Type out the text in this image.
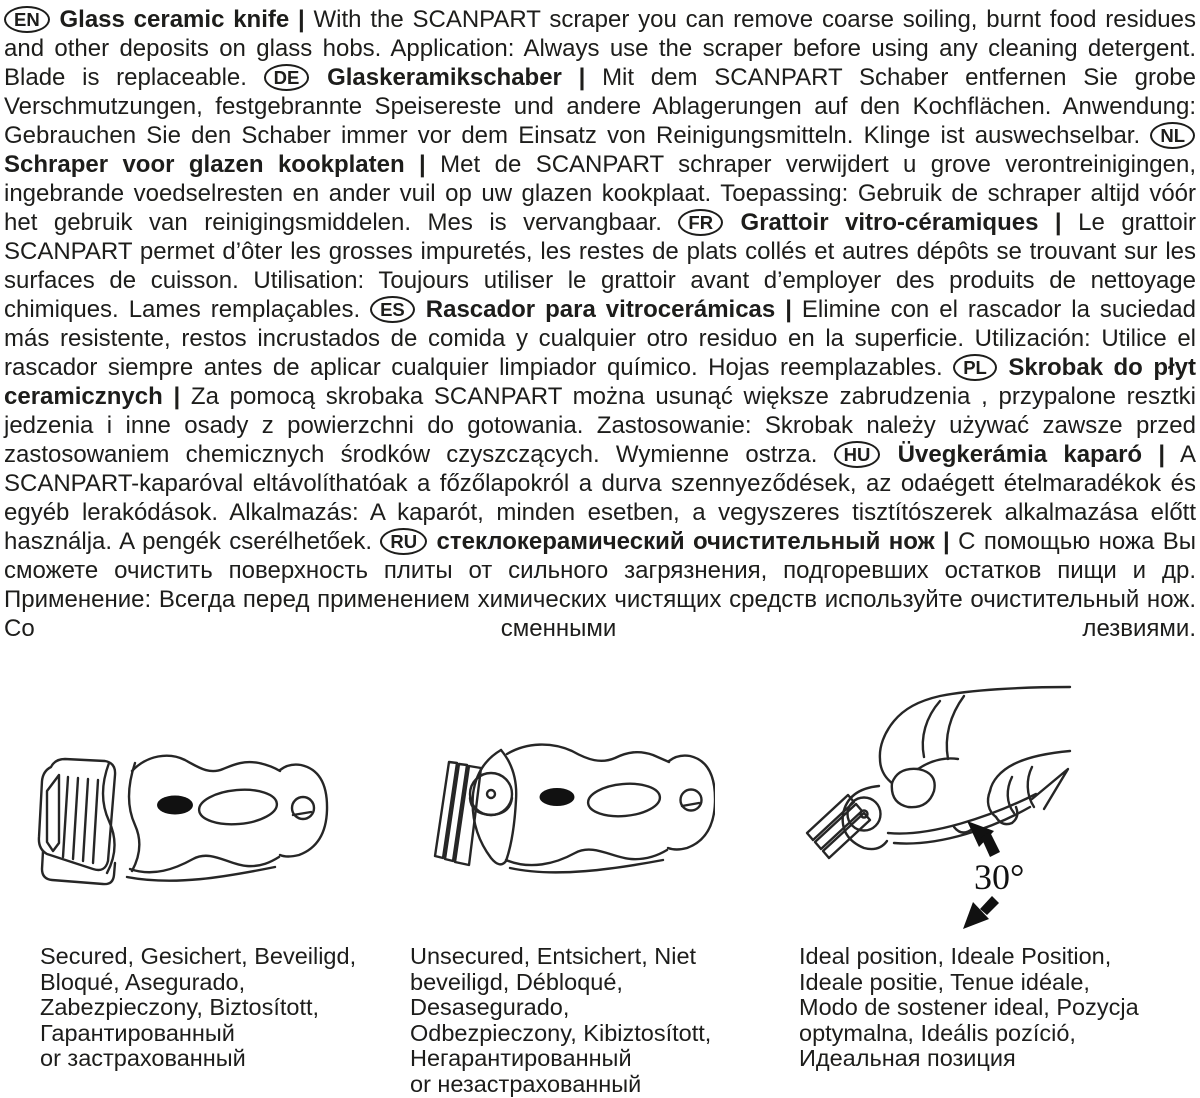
EN Glass ceramic knife | With the SCANPART scraper you can remove coarse soiling, burnt food residues and other deposits on glass hobs. Application: Always use the scraper before using any cleaning detergent. Blade is replaceable. DE Glaskeramikschaber | Mit dem SCANPART Schaber entfernen Sie grobe Verschmutzungen, festgebrannte Speisereste und andere Ablagerungen auf den Kochflächen. Anwendung: Gebrauchen Sie den Schaber immer vor dem Einsatz von Reinigungsmitteln. Klinge ist auswechselbar. NL Schraper voor glazen kookplaten | Met de SCANPART schraper verwijdert u grove verontreinigingen, ingebrande voedselresten en ander vuil op uw glazen kookplaat. Toepassing: Gebruik de schraper altijd vóór het gebruik van reinigingsmiddelen. Mes is vervangbaar. FR Grattoir vitro-céramiques | Le grattoir SCANPART permet d’ôter les grosses impuretés, les restes de plats collés et autres dépôts se trouvant sur les surfaces de cuisson. Utilisation: Toujours utiliser le grattoir avant d’employer des produits de nettoyage chimiques. Lames remplaçables. ES Rascador para vitrocerámicas | Elimine con el rascador la suciedad más resistente, restos incrustados de comida y cualquier otro residuo en la superficie. Utilización: Utilice el rascador siempre antes de aplicar cualquier limpiador químico. Hojas reemplazables. PL Skrobak do płyt ceramicznych | Za pomocą skrobaka SCANPART można usunąć większe zabrudzenia , przypalone resztki jedzenia i inne osady z powierzchni do gotowania. Zastosowanie: Skrobak należy używać zawsze przed zastosowaniem chemicznych środków czyszczących. Wymienne ostrza. HU Üvegkerámia kaparó | A SCANPART-kaparóval eltávolíthatóak a főzőlapokról a durva szennyeződések, az odaégett ételmaradékok és egyéb lerakódások. Alkalmazás: A kaparót, minden esetben, a vegyszeres tisztítószerek alkalmazása előtt használja. A pengék cserélhetőek. RU стеклокерамический очистительный нож | С помощью ножа Вы сможете очистить поверхность плиты от сильного загрязнения, подгоревших остатков пищи и др. Применение: Всегда перед применением химических чистящих средств используйте очистительный нож. Со сменными лезвиями.
30°
Secured, Gesichert, Beveiligd,
Bloqué, Asegurado,
Zabezpieczony, Biztosított,
Гарантированный
or застрахованный
Unsecured, Entsichert, Niet
beveiligd, Débloqué,
Desasegurado,
Odbezpieczony, Kibiztosított,
Негарантированный
or незастрахованный
Ideal position, Ideale Position,
Ideale positie, Tenue idéale,
Modo de sostener ideal, Pozycja
optymalna, Ideális pozíció,
Идеальная позиция
